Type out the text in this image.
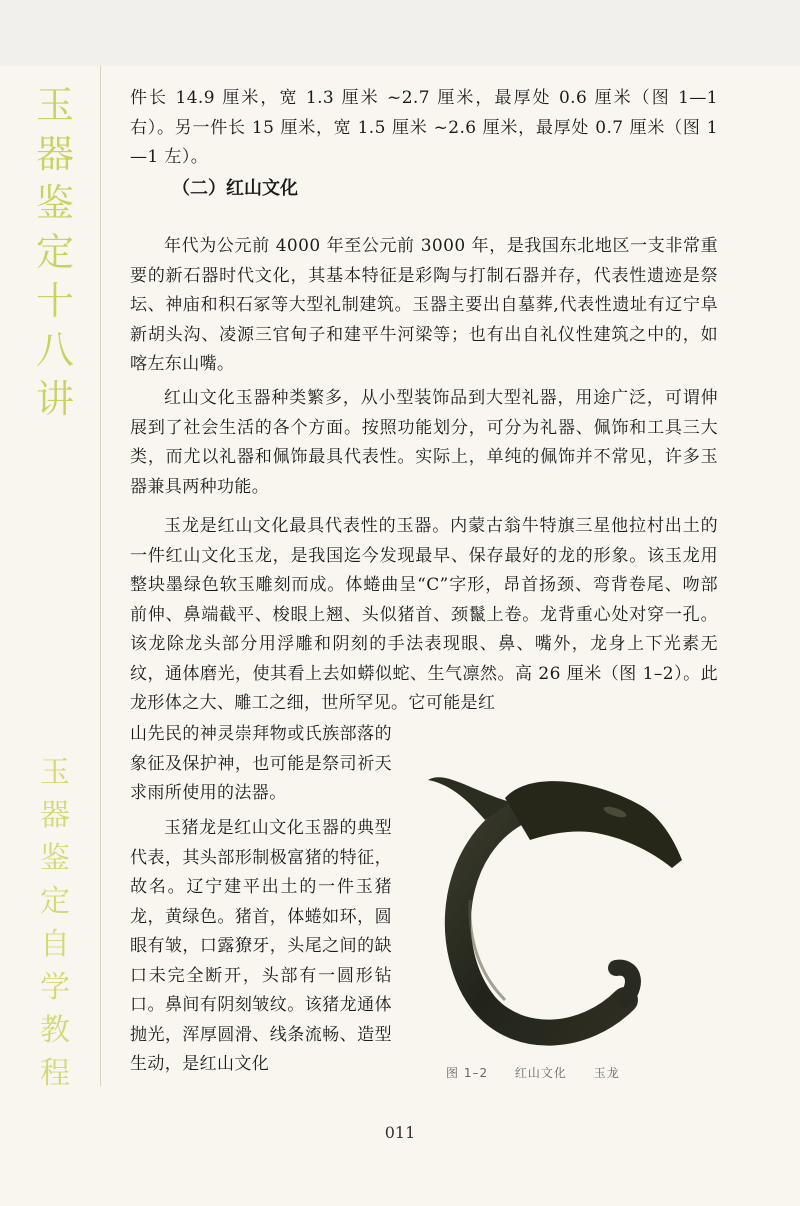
玉
器
鉴
定
十
八
讲
玉
器
鉴
定
自
学
教
程

件长 14.9 厘米，宽 1.3 厘米 ~2.7 厘米，最厚处 0.6 厘米（图 1—1 右）。另一件长 15 厘米，宽 1.5 厘米 ~2.6 厘米，最厚处 0.7 厘米（图 1—1 左）。

（二）红山文化

年代为公元前 4000 年至公元前 3000 年，是我国东北地区一支非常重要的新石器时代文化，其基本特征是彩陶与打制石器并存，代表性遗迹是祭坛、神庙和积石冢等大型礼制建筑。玉器主要出自墓葬,代表性遗址有辽宁阜新胡头沟、凌源三官甸子和建平牛河梁等；也有出自礼仪性建筑之中的，如喀左东山嘴。

红山文化玉器种类繁多，从小型装饰品到大型礼器，用途广泛，可谓伸展到了社会生活的各个方面。按照功能划分，可分为礼器、佩饰和工具三大类，而尤以礼器和佩饰最具代表性。实际上，单纯的佩饰并不常见，许多玉器兼具两种功能。

玉龙是红山文化最具代表性的玉器。内蒙古翁牛特旗三星他拉村出土的一件红山文化玉龙，是我国迄今发现最早、保存最好的龙的形象。该玉龙用整块墨绿色软玉雕刻而成。体蜷曲呈“C”字形，昂首扬颈、弯背卷尾、吻部前伸、鼻端截平、梭眼上翘、头似猪首、颈鬣上卷。龙背重心处对穿一孔。该龙除龙头部分用浮雕和阴刻的手法表现眼、鼻、嘴外，龙身上下光素无纹，通体磨光，使其看上去如蟒似蛇、生气凛然。高 26 厘米（图 1–2）。此龙形体之大、雕工之细，世所罕见。它可能是红

山先民的神灵崇拜物或氏族部落的象征及保护神，也可能是祭司祈天求雨所使用的法器。

玉猪龙是红山文化玉器的典型代表，其头部形制极富猪的特征，故名。辽宁建平出土的一件玉猪龙，黄绿色。猪首，体蜷如环，圆眼有皱，口露獠牙，头尾之间的缺口未完全断开，头部有一圆形钻口。鼻间有阴刻皱纹。该猪龙通体抛光，浑厚圆滑、线条流畅、造型生动，是红山文化	图 1–2 红山文化 玉龙
011
